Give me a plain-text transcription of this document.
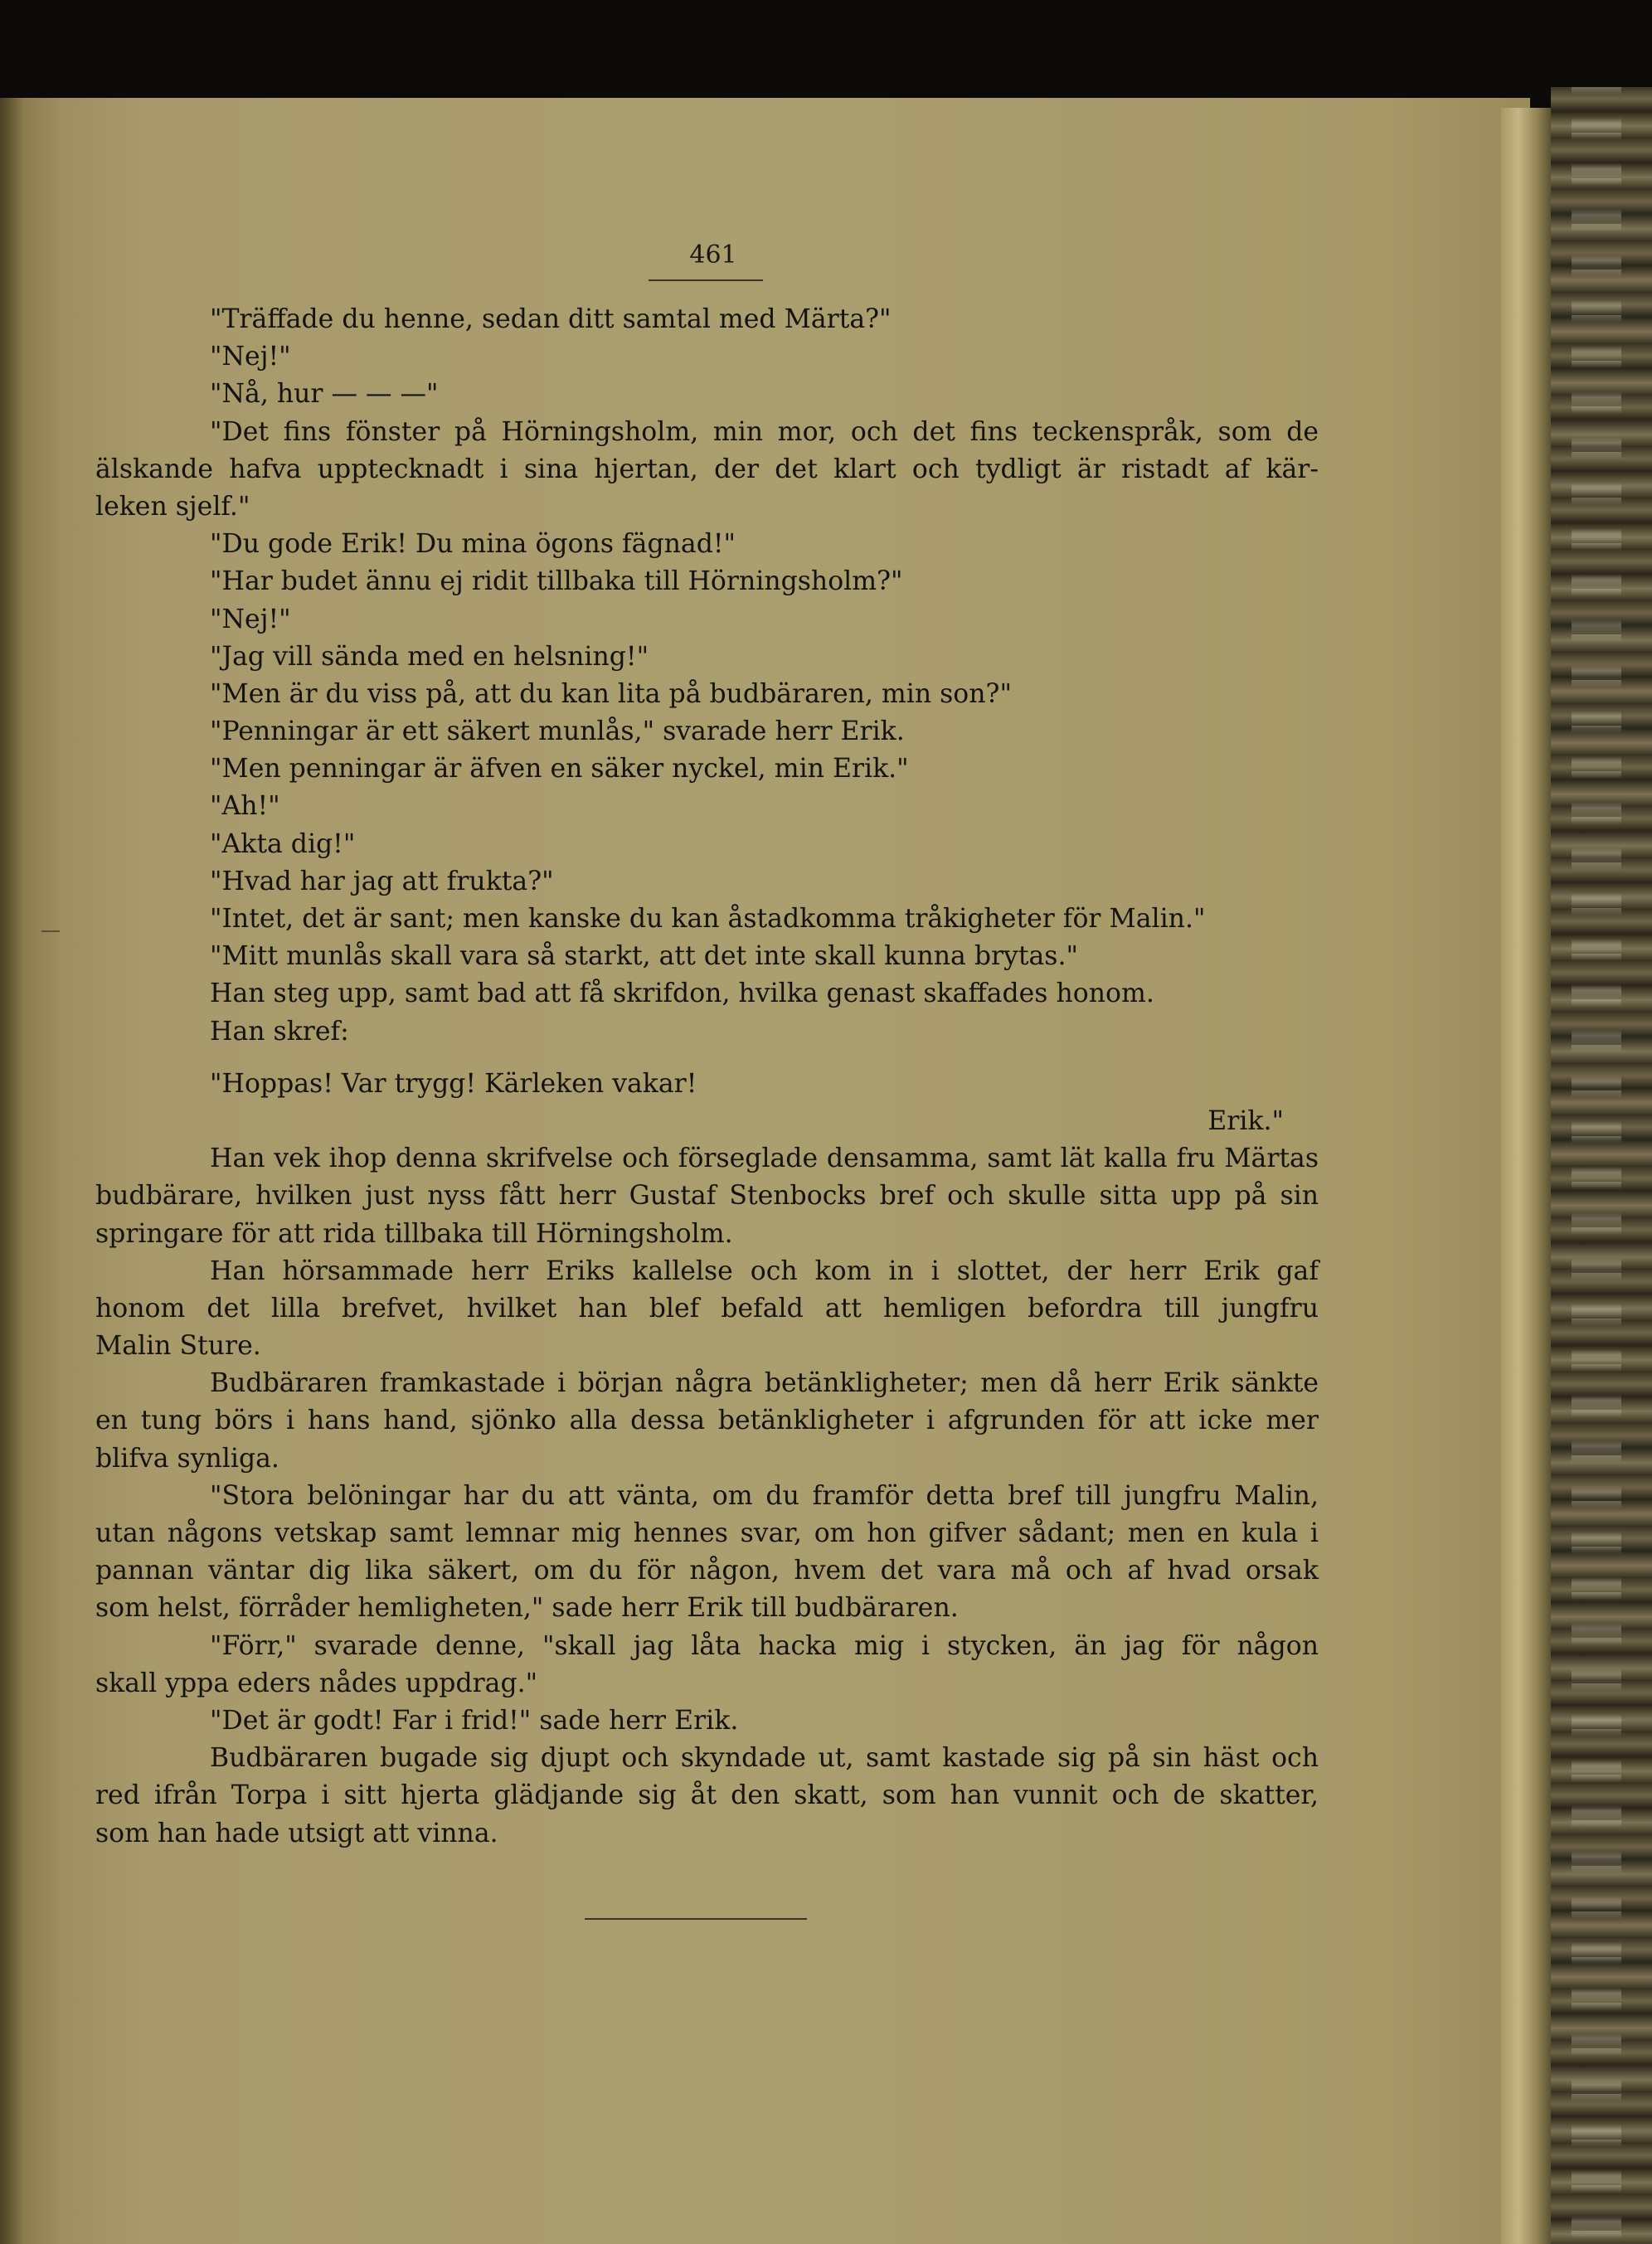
461
"Träffade du henne, sedan ditt samtal med Märta?"
"Nej!"
"Nå, hur — — —"
"Det fins fönster på Hörningsholm, min mor, och det fins teckenspråk, som de
älskande hafva upptecknadt i sina hjertan, der det klart och tydligt är ristadt af kär-
leken sjelf."
"Du gode Erik! Du mina ögons fägnad!"
"Har budet ännu ej ridit tillbaka till Hörningsholm?"
"Nej!"
"Jag vill sända med en helsning!"
"Men är du viss på, att du kan lita på budbäraren, min son?"
"Penningar är ett säkert munlås," svarade herr Erik.
"Men penningar är äfven en säker nyckel, min Erik."
"Ah!"
"Akta dig!"
"Hvad har jag att frukta?"
"Intet, det är sant; men kanske du kan åstadkomma tråkigheter för Malin."
"Mitt munlås skall vara så starkt, att det inte skall kunna brytas."
Han steg upp, samt bad att få skrifdon, hvilka genast skaffades honom.
Han skref:
"Hoppas! Var trygg! Kärleken vakar!
Erik."
Han vek ihop denna skrifvelse och förseglade densamma, samt lät kalla fru Märtas
budbärare, hvilken just nyss fått herr Gustaf Stenbocks bref och skulle sitta upp på sin
springare för att rida tillbaka till Hörningsholm.
Han hörsammade herr Eriks kallelse och kom in i slottet, der herr Erik gaf
honom det lilla brefvet, hvilket han blef befald att hemligen befordra till jungfru
Malin Sture.
Budbäraren framkastade i början några betänkligheter; men då herr Erik sänkte
en tung börs i hans hand, sjönko alla dessa betänkligheter i afgrunden för att icke mer
blifva synliga.
"Stora belöningar har du att vänta, om du framför detta bref till jungfru Malin,
utan någons vetskap samt lemnar mig hennes svar, om hon gifver sådant; men en kula i
pannan väntar dig lika säkert, om du för någon, hvem det vara må och af hvad orsak
som helst, förråder hemligheten," sade herr Erik till budbäraren.
"Förr," svarade denne, "skall jag låta hacka mig i stycken, än jag för någon
skall yppa eders nådes uppdrag."
"Det är godt! Far i frid!" sade herr Erik.
Budbäraren bugade sig djupt och skyndade ut, samt kastade sig på sin häst och
red ifrån Torpa i sitt hjerta glädjande sig åt den skatt, som han vunnit och de skatter,
som han hade utsigt att vinna.
